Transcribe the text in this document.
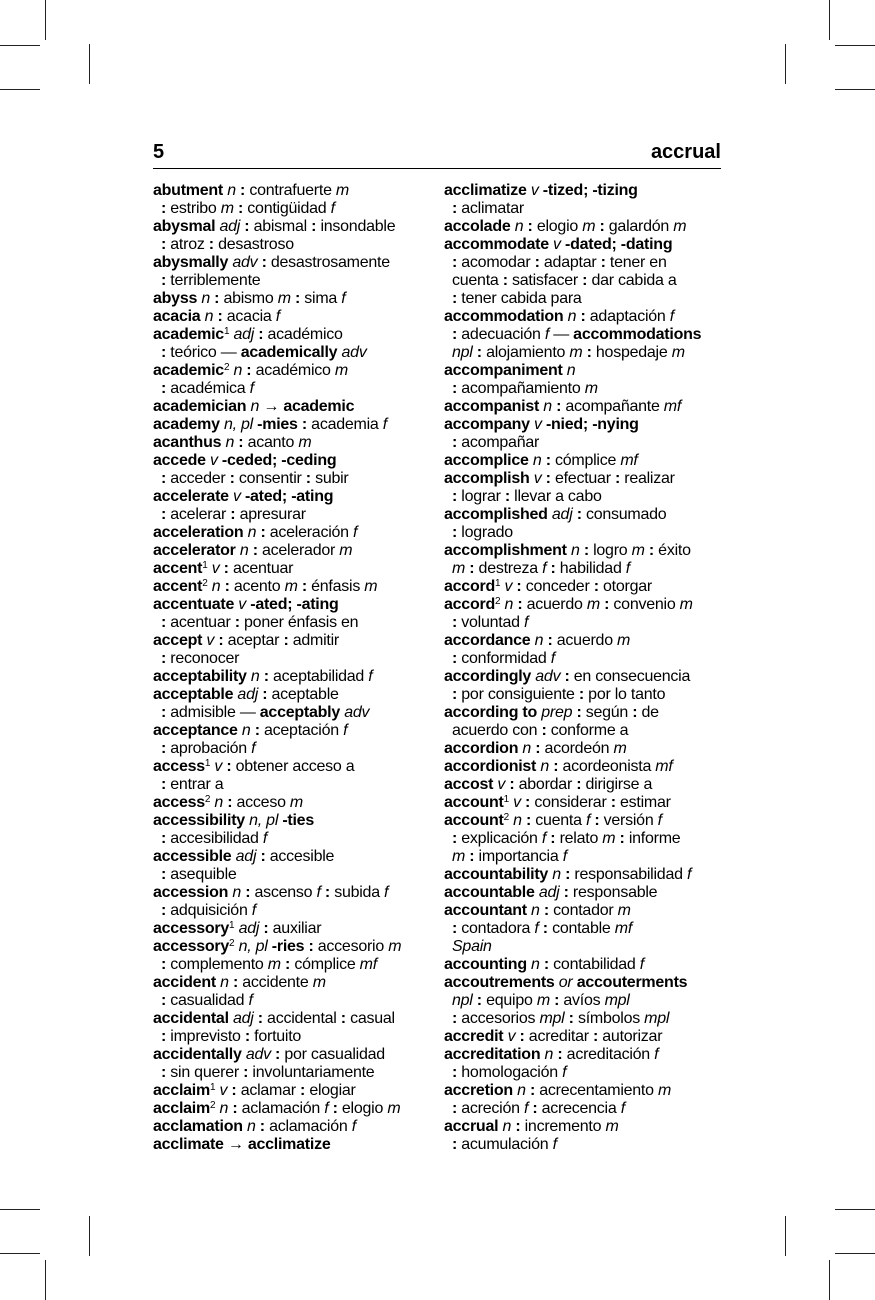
5	accrual
abutment n : contrafuerte m
: estribo m : contigüidad f
abysmal adj : abismal : insondable
: atroz : desastroso
abysmally adv : desastrosamente
: terriblemente
abyss n : abismo m : sima f
acacia n : acacia f
academic$^1$ adj : académico
: teórico — academically adv
academic$^2$ n : académico m
: académica f
academician n → academic
academy n, pl -mies : academia f
acanthus n : acanto m
accede v -ceded; -ceding
: acceder : consentir : subir
accelerate v -ated; -ating
: acelerar : apresurar
acceleration n : aceleración f
accelerator n : acelerador m
accent$^1$ v : acentuar
accent$^2$ n : acento m : énfasis m
accentuate v -ated; -ating
: acentuar : poner énfasis en
accept v : aceptar : admitir
: reconocer
acceptability n : aceptabilidad f
acceptable adj : aceptable
: admisible — acceptably adv
acceptance n : aceptación f
: aprobación f
access$^1$ v : obtener acceso a
: entrar a
access$^2$ n : acceso m
accessibility n, pl -ties
: accesibilidad f
accessible adj : accesible
: asequible
accession n : ascenso f : subida f
: adquisición f
accessory$^1$ adj : auxiliar
accessory$^2$ n, pl -ries : accesorio m
: complemento m : cómplice mf
accident n : accidente m
: casualidad f
accidental adj : accidental : casual
: imprevisto : fortuito
accidentally adv : por casualidad
: sin querer : involuntariamente
acclaim$^1$ v : aclamar : elogiar
acclaim$^2$ n : aclamación f : elogio m
acclamation n : aclamación f
acclimate → acclimatize
acclimatize v -tized; -tizing
: aclimatar
accolade n : elogio m : galardón m
accommodate v -dated; -dating
: acomodar : adaptar : tener en
cuenta : satisfacer : dar cabida a
: tener cabida para
accommodation n : adaptación f
: adecuación f — accommodations
npl : alojamiento m : hospedaje m
accompaniment n
: acompañamiento m
accompanist n : acompañante mf
accompany v -nied; -nying
: acompañar
accomplice n : cómplice mf
accomplish v : efectuar : realizar
: lograr : llevar a cabo
accomplished adj : consumado
: logrado
accomplishment n : logro m : éxito
m : destreza f : habilidad f
accord$^1$ v : conceder : otorgar
accord$^2$ n : acuerdo m : convenio m
: voluntad f
accordance n : acuerdo m
: conformidad f
accordingly adv : en consecuencia
: por consiguiente : por lo tanto
according to prep : según : de
acuerdo con : conforme a
accordion n : acordeón m
accordionist n : acordeonista mf
accost v : abordar : dirigirse a
account$^1$ v : considerar : estimar
account$^2$ n : cuenta f : versión f
: explicación f : relato m : informe
m : importancia f
accountability n : responsabilidad f
accountable adj : responsable
accountant n : contador m
: contadora f : contable mf
Spain
accounting n : contabilidad f
accoutrements or accouterments
npl : equipo m : avíos mpl
: accesorios mpl : símbolos mpl
accredit v : acreditar : autorizar
accreditation n : acreditación f
: homologación f
accretion n : acrecentamiento m
: acreción f : acrecencia f
accrual n : incremento m
: acumulación f
